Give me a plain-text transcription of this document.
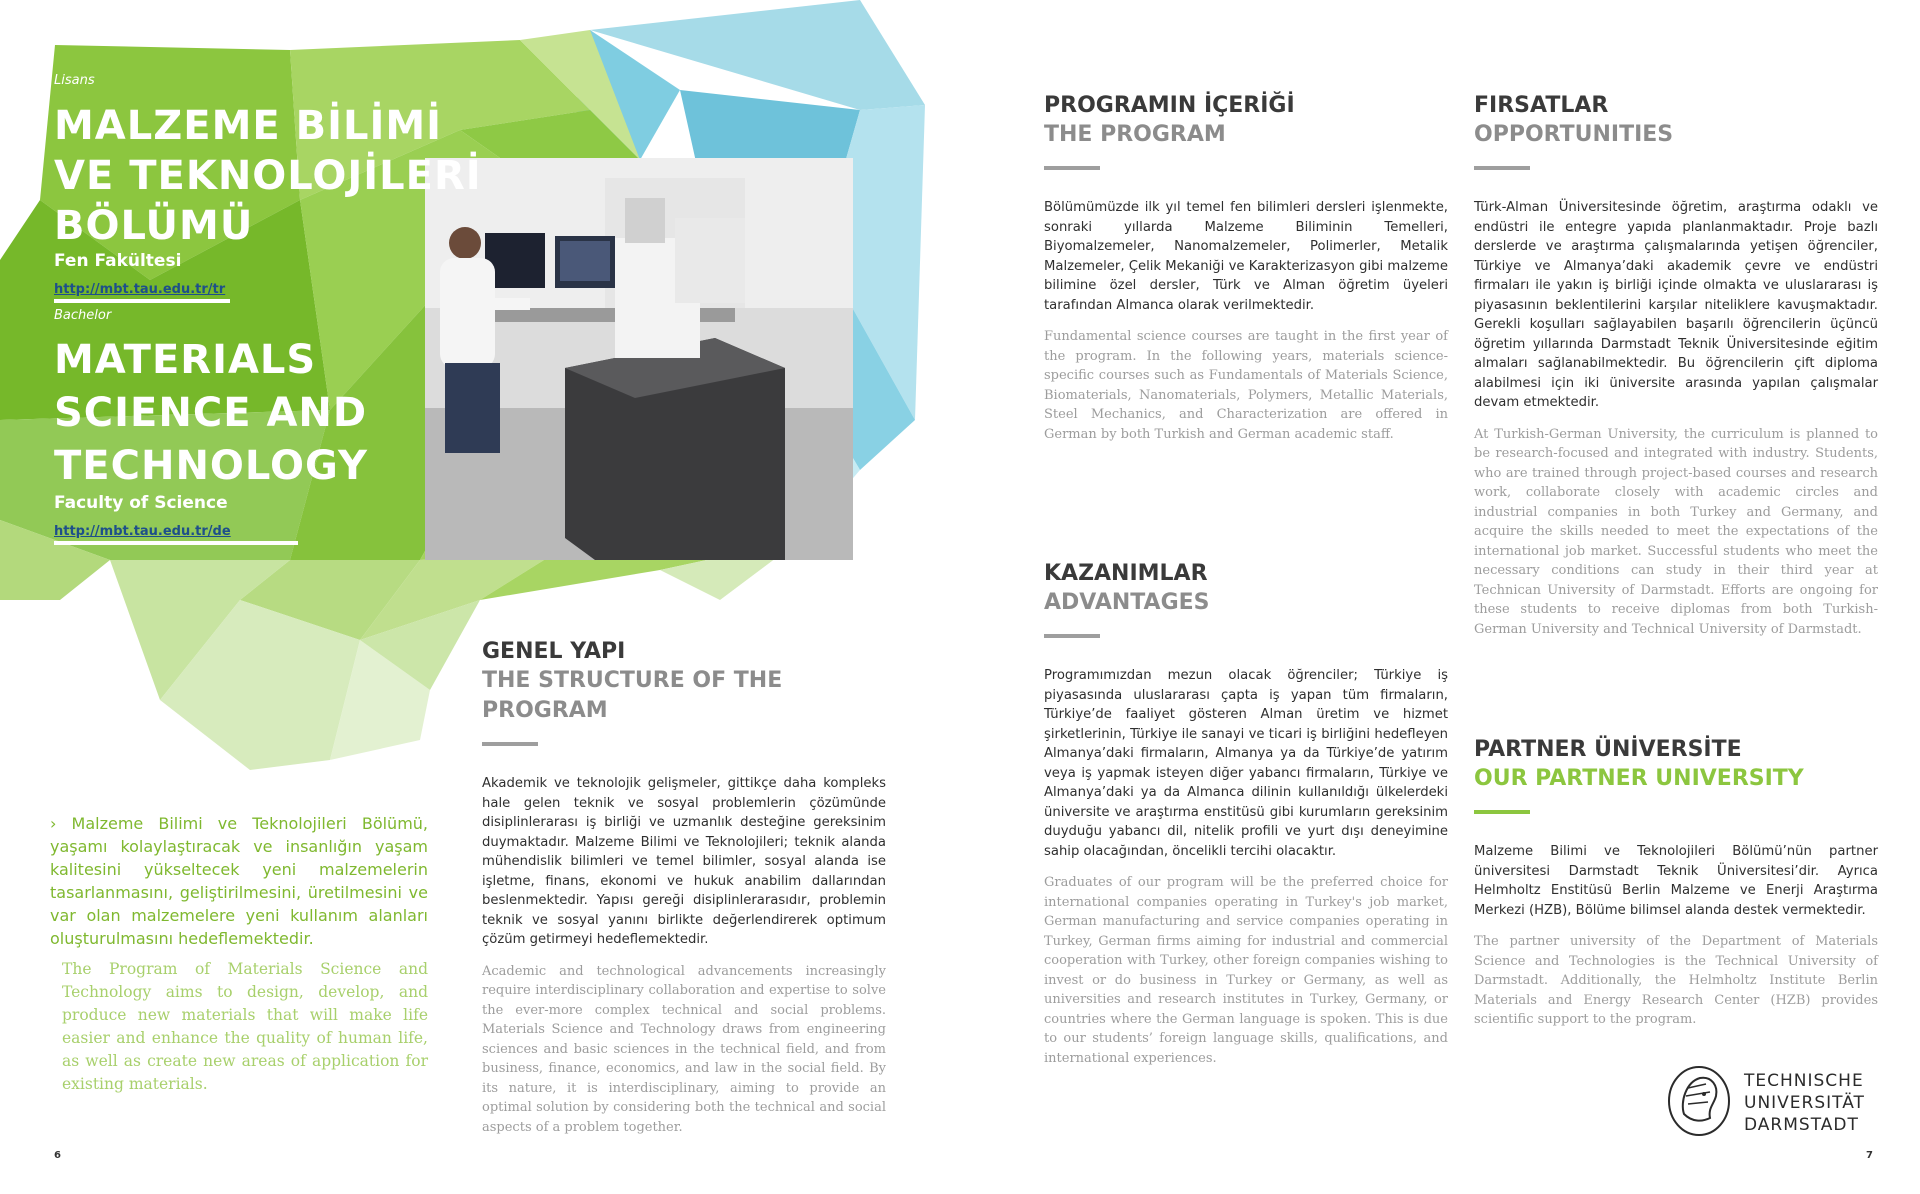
Lisans
MALZEME BİLİMİ
VE TEKNOLOJİLERİ
BÖLÜMÜ
Fen Fakültesi
http://mbt.tau.edu.tr/tr
Bachelor
MATERIALS
SCIENCE AND
TECHNOLOGY
Faculty of Science
http://mbt.tau.edu.tr/de

› Malzeme Bilimi ve Teknolojileri Bölümü, yaşamı kolaylaştıracak ve insanlığın yaşam kalitesini yükseltecek yeni malzemelerin tasarlanmasını, geliştirilmesini, üretilmesini ve var olan malzemelere yeni kullanım alanları oluşturulmasını hedeflemektedir.

The Program of Materials Science and Technology aims to design, develop, and produce new materials that will make life easier and enhance the quality of human life, as well as create new areas of application for existing materials.

GENEL YAPI
THE STRUCTURE OF THE PROGRAM

Akademik ve teknolojik gelişmeler, gittikçe daha kompleks hale gelen teknik ve sosyal problemlerin çözümünde disiplinlerarası iş birliği ve uzmanlık desteğine gereksinim duymaktadır. Malzeme Bilimi ve Teknolojileri; teknik alanda mühendislik bilimleri ve temel bilimler, sosyal alanda ise işletme, finans, ekonomi ve hukuk anabilim dallarından beslenmektedir. Yapısı gereği disiplinlerarasıdır, problemin teknik ve sosyal yanını birlikte değerlendirerek optimum çözüm getirmeyi hedeflemektedir.

Academic and technological advancements increasingly require interdisciplinary collaboration and expertise to solve the ever-more complex technical and social problems. Materials Science and Technology draws from engineering sciences and basic sciences in the technical field, and from business, finance, economics, and law in the social field. By its nature, it is interdisciplinary, aiming to provide an optimal solution by considering both the technical and social aspects of a problem together.

6
PROGRAMIN İÇERİĞİ
THE PROGRAM

Bölümümüzde ilk yıl temel fen bilimleri dersleri işlenmekte, sonraki yıllarda Malzeme Biliminin Temelleri, Biyomalzemeler, Nanomalzemeler, Polimerler, Metalik Malzemeler, Çelik Mekaniği ve Karakterizasyon gibi malzeme bilimine özel dersler, Türk ve Alman öğretim üyeleri tarafından Almanca olarak verilmektedir.

Fundamental science courses are taught in the first year of the program. In the following years, materials science-specific courses such as Fundamentals of Materials Science, Biomaterials, Nanomaterials, Polymers, Metallic Materials, Steel Mechanics, and Characterization are offered in German by both Turkish and German academic staff.

KAZANIMLAR
ADVANTAGES

Programımızdan mezun olacak öğrenciler; Türkiye iş piyasasında uluslararası çapta iş yapan tüm firmaların, Türkiye’de faaliyet gösteren Alman üretim ve hizmet şirketlerinin, Türkiye ile sanayi ve ticari iş birliğini hedefleyen Almanya’daki firmaların, Almanya ya da Türkiye’de yatırım veya iş yapmak isteyen diğer yabancı firmaların, Türkiye ve Almanya’daki ya da Almanca dilinin kullanıldığı ülkelerdeki üniversite ve araştırma enstitüsü gibi kurumların gereksinim duyduğu yabancı dil, nitelik profili ve yurt dışı deneyimine sahip olacağından, öncelikli tercihi olacaktır.

Graduates of our program will be the preferred choice for international companies operating in Turkey's job market, German manufacturing and service companies operating in Turkey, German firms aiming for industrial and commercial cooperation with Turkey, other foreign companies wishing to invest or do business in Turkey or Germany, as well as universities and research institutes in Turkey, Germany, or countries where the German language is spoken. This is due to our students’ foreign language skills, qualifications, and international experiences.

FIRSATLAR
OPPORTUNITIES

Türk-Alman Üniversitesinde öğretim, araştırma odaklı ve endüstri ile entegre yapıda planlanmaktadır. Proje bazlı derslerde ve araştırma çalışmalarında yetişen öğrenciler, Türkiye ve Almanya’daki akademik çevre ve endüstri firmaları ile yakın iş birliği içinde olmakta ve uluslararası iş piyasasının beklentilerini karşılar niteliklere kavuşmaktadır. Gerekli koşulları sağlayabilen başarılı öğrencilerin üçüncü öğretim yıllarında Darmstadt Teknik Üniversitesinde eğitim almaları sağlanabilmektedir. Bu öğrencilerin çift diploma alabilmesi için iki üniversite arasında yapılan çalışmalar devam etmektedir.

At Turkish-German University, the curriculum is planned to be research-focused and integrated with industry. Students, who are trained through project-based courses and research work, collaborate closely with academic circles and industrial companies in both Turkey and Germany, and acquire the skills needed to meet the expectations of the international job market. Successful students who meet the necessary conditions can study in their third year at Technican University of Darmstadt. Efforts are ongoing for these students to receive diplomas from both Turkish-German University and Technical University of Darmstadt.

PARTNER ÜNİVERSİTE
OUR PARTNER UNIVERSITY

Malzeme Bilimi ve Teknolojileri Bölümü’nün partner üniversitesi Darmstadt Teknik Üniversitesi’dir. Ayrıca Helmholtz Enstitüsü Berlin Malzeme ve Enerji Araştırma Merkezi (HZB), Bölüme bilimsel alanda destek vermektedir.

The partner university of the Department of Materials Science and Technologies is the Technical University of Darmstadt. Additionally, the Helmholtz Institute Berlin Materials and Energy Research Center (HZB) provides scientific support to the program.

TECHNISCHE
UNIVERSITÄT
DARMSTADT
7
